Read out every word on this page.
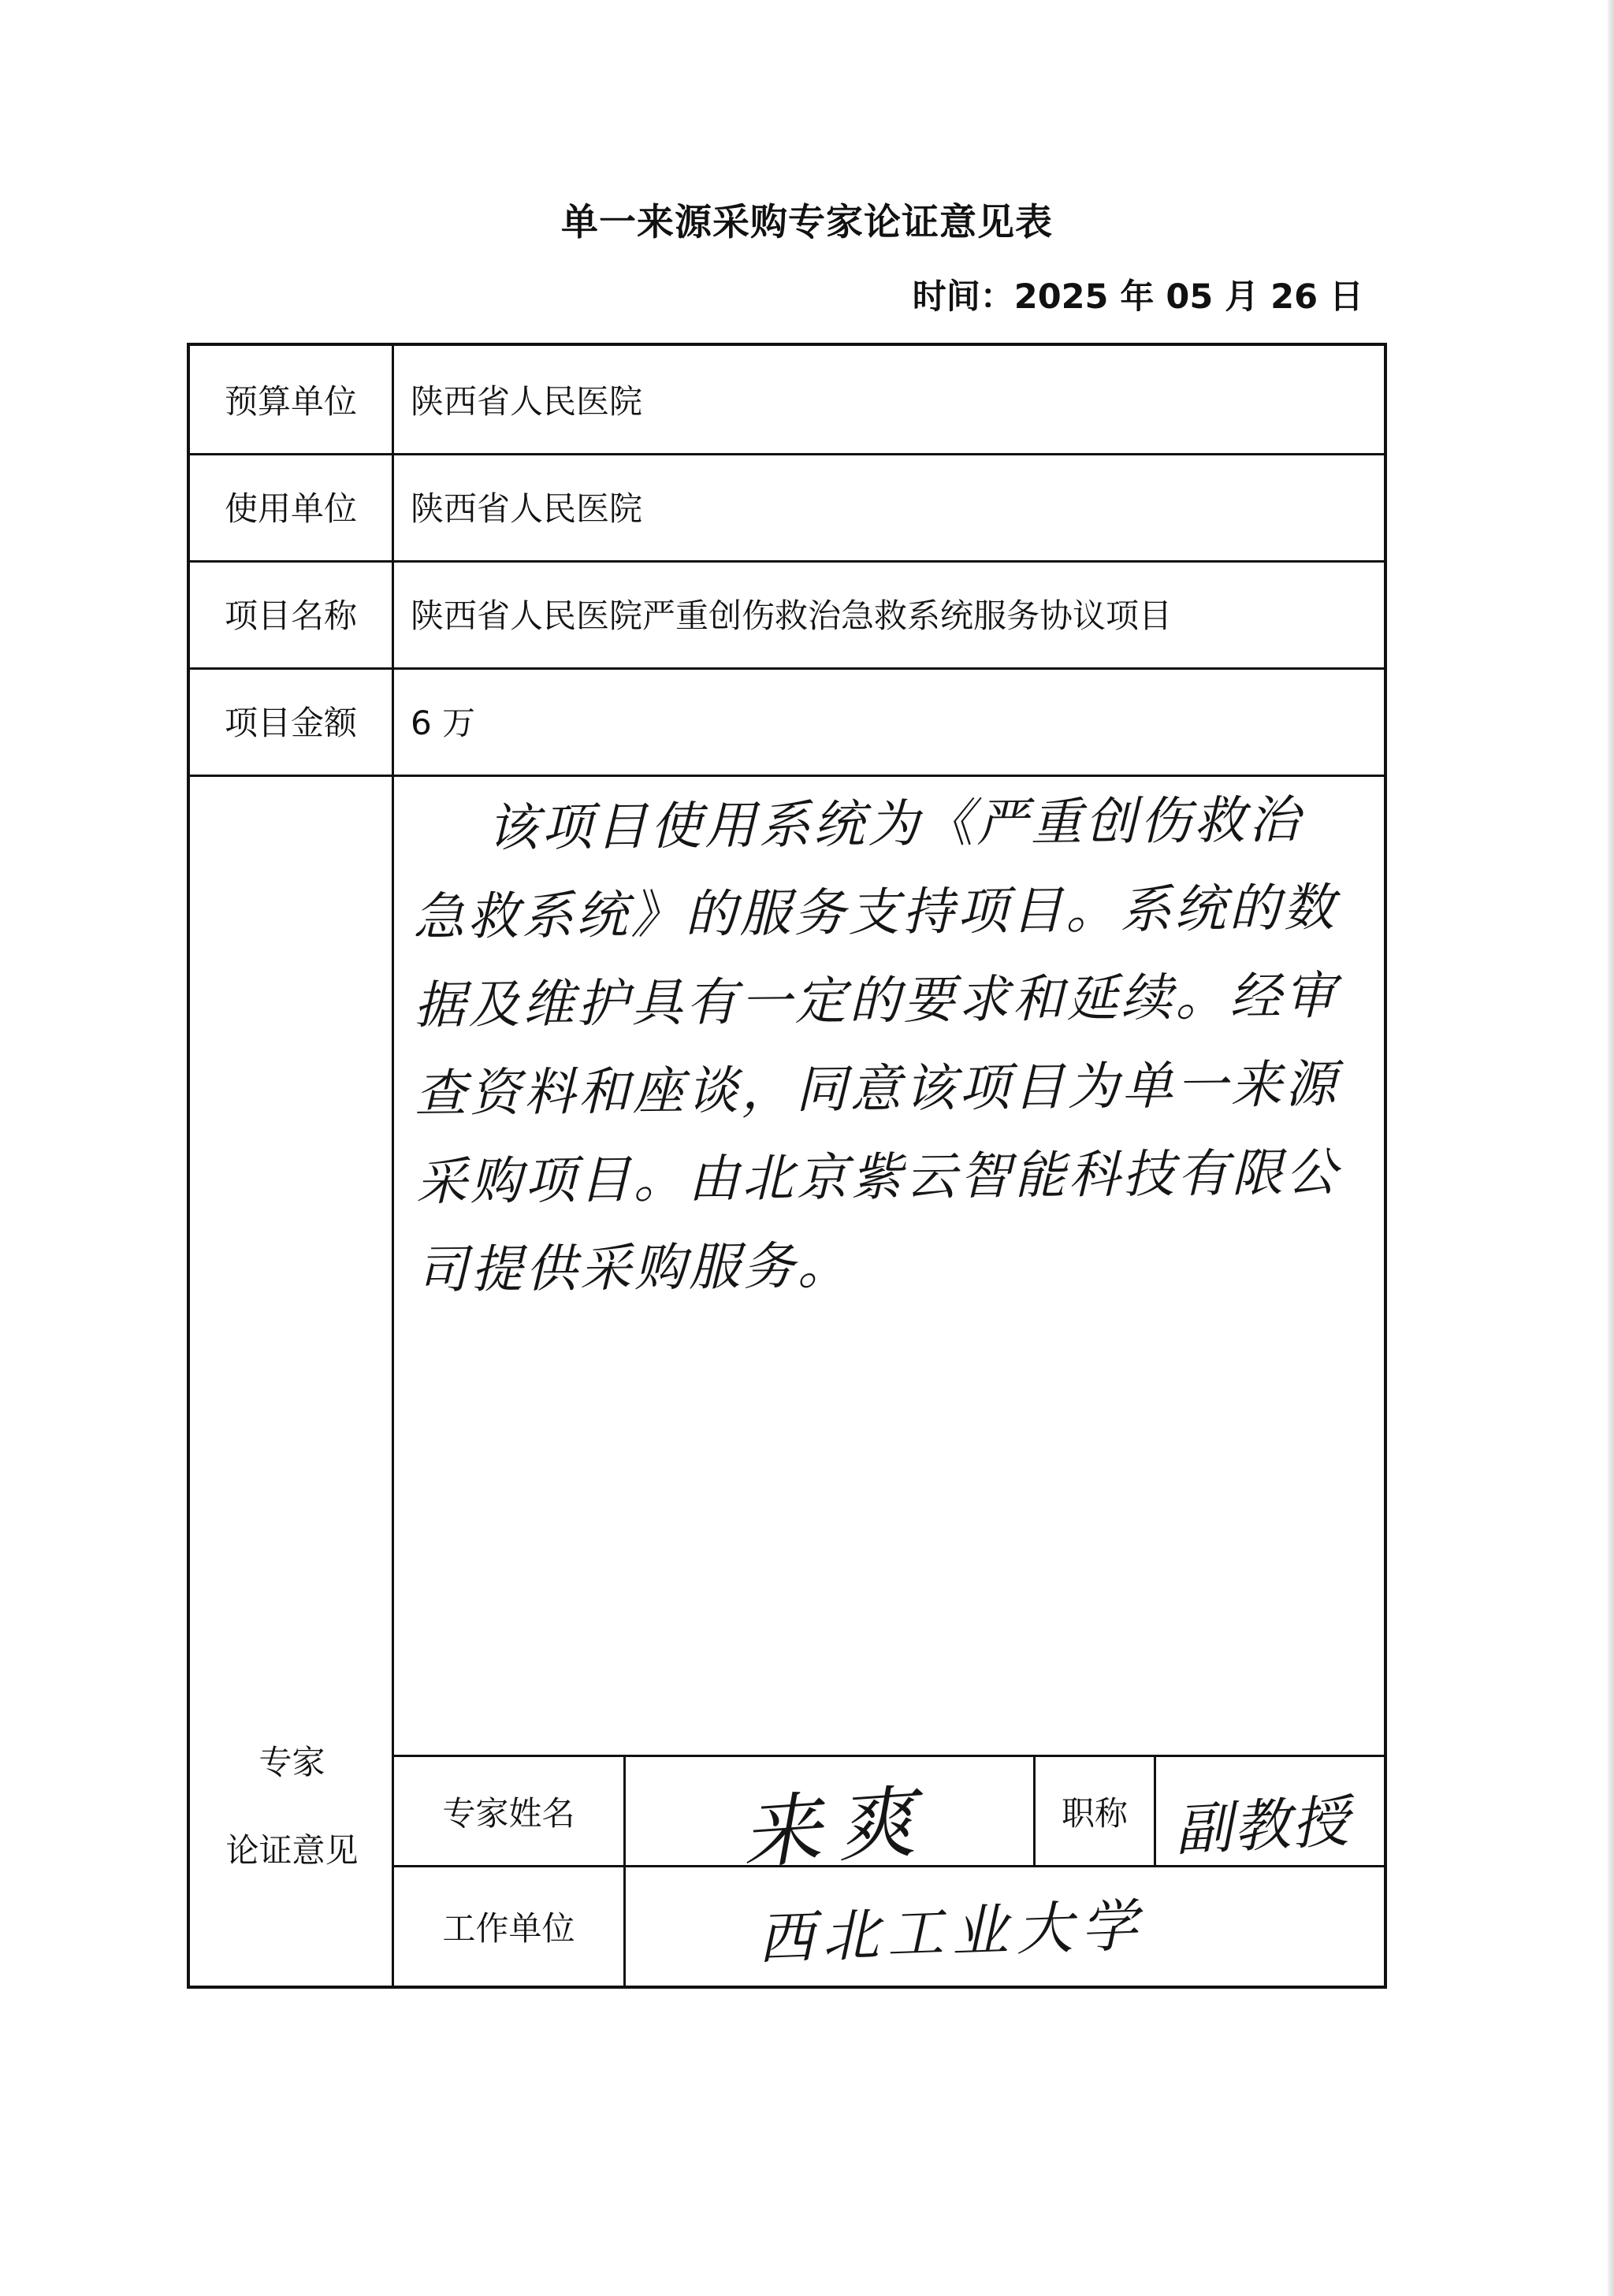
单一来源采购专家论证意见表
时间：2025 年 05 月 26 日
预算单位	陕西省人民医院
使用单位	陕西省人民医院
项目名称	陕西省人民医院严重创伤救治急救系统服务协议项目
项目金额	6 万
专家
论证意见
该项目使用系统为《严重创伤救治急救系统》的服务支持项目。系统的数据及维护具有一定的要求和延续。经审查资料和座谈，同意该项目为单一来源采购项目。由北京紫云智能科技有限公司提供采购服务。
专家姓名	来爽	职称 副教授
工作单位	西北工业大学
